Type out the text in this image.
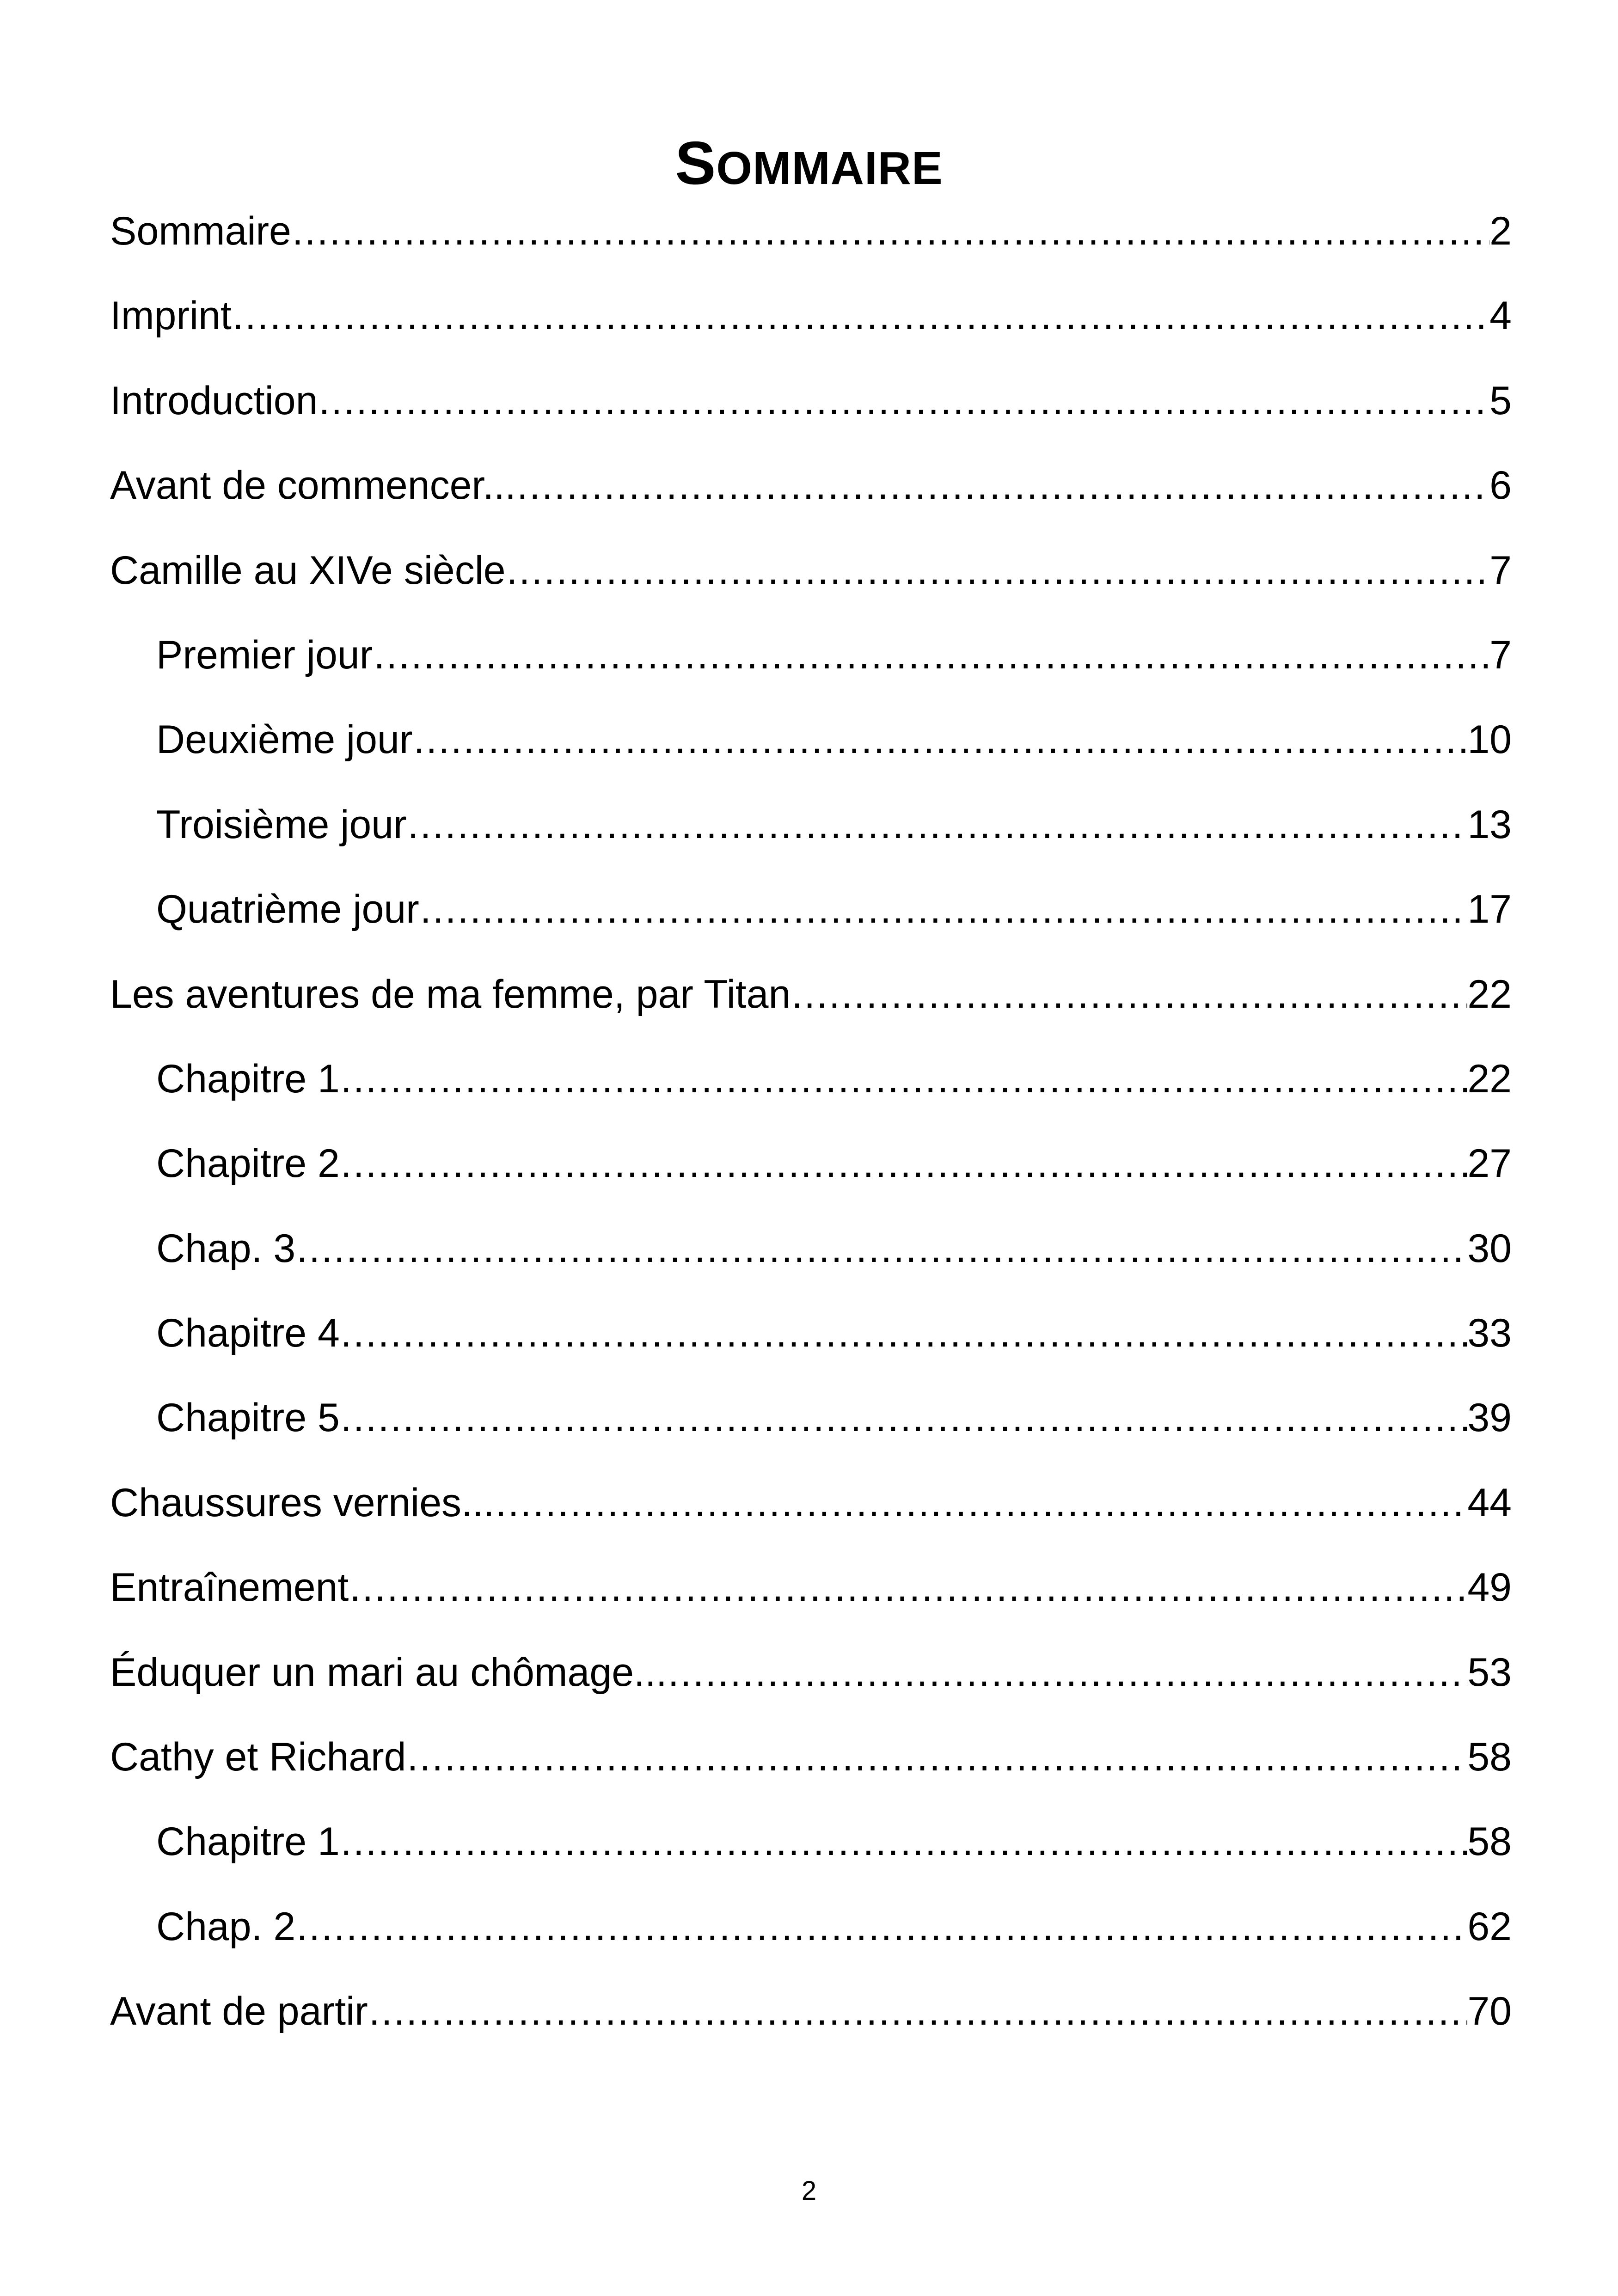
SOMMAIRE
Sommaire .....	2
Imprint .....	4
Introduction .....	5
Avant de commencer... .....	6
Camille au XIVe siècle .....	7
Premier jour .....	7
Deuxième jour .....	10
Troisième jour .....	13
Quatrième jour .....	17
Les aventures de ma femme, par Titan .....	22
Chapitre 1 .....	22
Chapitre 2 .....	27
Chap. 3 .....	30
Chapitre 4 .....	33
Chapitre 5 .....	39
Chaussures vernies... .....	44
Entraînement .....	49
Éduquer un mari au chômage... .....	53
Cathy et Richard .....	58
Chapitre 1 .....	58
Chap. 2 .....	62
Avant de partir .....	70
2
